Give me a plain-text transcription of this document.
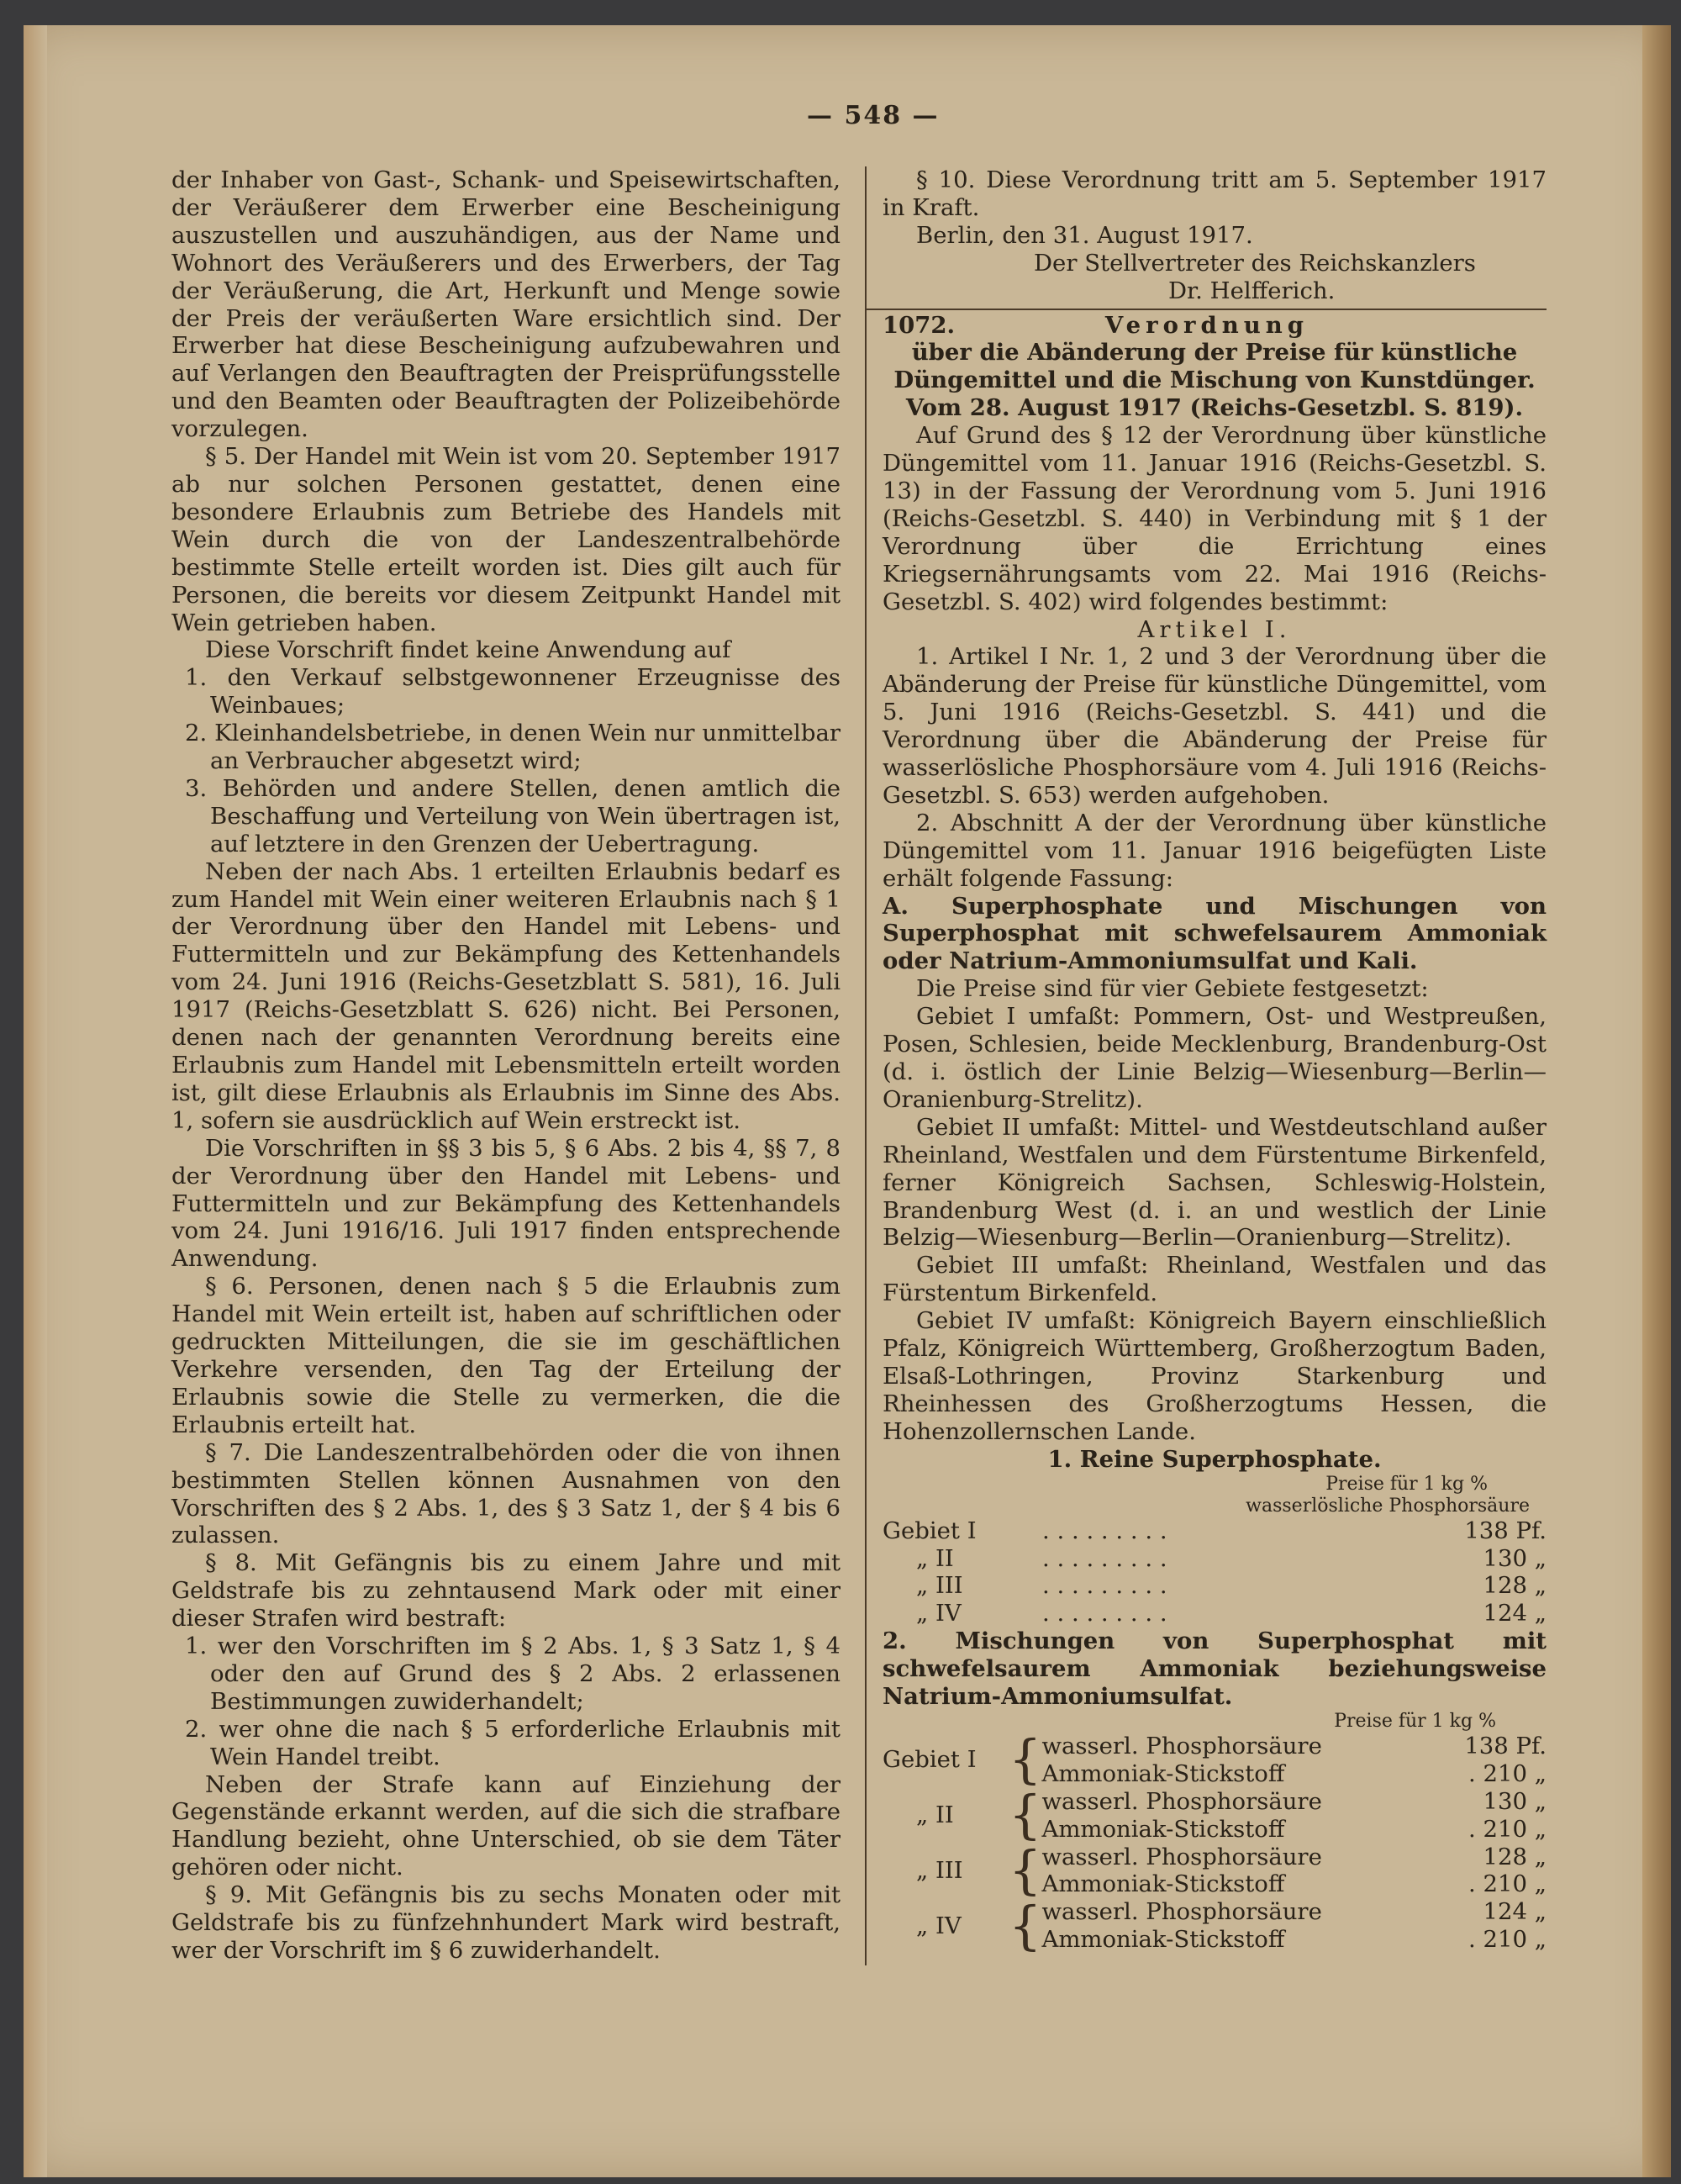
— 548 —

der Inhaber von Gast-, Schank- und Speisewirtschaften, der Veräußerer dem Erwerber eine Bescheinigung auszustellen und auszuhändigen, aus der Name und Wohnort des Veräußerers und des Erwerbers, der Tag der Veräußerung, die Art, Herkunft und Menge sowie der Preis der veräußerten Ware ersichtlich sind. Der Erwerber hat diese Bescheinigung aufzubewahren und auf Verlangen den Beauftragten der Preisprüfungsstelle und den Beamten oder Beauftragten der Polizeibehörde vorzulegen.

§ 5. Der Handel mit Wein ist vom 20. September 1917 ab nur solchen Personen gestattet, denen eine besondere Erlaubnis zum Betriebe des Handels mit Wein durch die von der Landeszentralbehörde bestimmte Stelle erteilt worden ist. Dies gilt auch für Personen, die bereits vor diesem Zeitpunkt Handel mit Wein getrieben haben.

Diese Vorschrift findet keine Anwendung auf

1. den Verkauf selbstgewonnener Erzeugnisse des Weinbaues;

2. Kleinhandelsbetriebe, in denen Wein nur unmittelbar an Verbraucher abgesetzt wird;

3. Behörden und andere Stellen, denen amtlich die Beschaffung und Verteilung von Wein übertragen ist, auf letztere in den Grenzen der Uebertragung.

Neben der nach Abs. 1 erteilten Erlaubnis bedarf es zum Handel mit Wein einer weiteren Erlaubnis nach § 1 der Verordnung über den Handel mit Lebens- und Futtermitteln und zur Bekämpfung des Kettenhandels vom 24. Juni 1916 (Reichs-Gesetzblatt S. 581), 16. Juli 1917 (Reichs-Gesetzblatt S. 626) nicht. Bei Personen, denen nach der genannten Verordnung bereits eine Erlaubnis zum Handel mit Lebensmitteln erteilt worden ist, gilt diese Erlaubnis als Erlaubnis im Sinne des Abs. 1, sofern sie ausdrücklich auf Wein erstreckt ist.

Die Vorschriften in §§ 3 bis 5, § 6 Abs. 2 bis 4, §§ 7, 8 der Verordnung über den Handel mit Lebens- und Futtermitteln und zur Bekämpfung des Kettenhandels vom 24. Juni 1916/16. Juli 1917 finden entsprechende Anwendung.

§ 6. Personen, denen nach § 5 die Erlaubnis zum Handel mit Wein erteilt ist, haben auf schriftlichen oder gedruckten Mitteilungen, die sie im geschäftlichen Verkehre versenden, den Tag der Erteilung der Erlaubnis sowie die Stelle zu vermerken, die die Erlaubnis erteilt hat.

§ 7. Die Landeszentralbehörden oder die von ihnen bestimmten Stellen können Ausnahmen von den Vorschriften des § 2 Abs. 1, des § 3 Satz 1, der § 4 bis 6 zulassen.

§ 8. Mit Gefängnis bis zu einem Jahre und mit Geldstrafe bis zu zehntausend Mark oder mit einer dieser Strafen wird bestraft:

1. wer den Vorschriften im § 2 Abs. 1, § 3 Satz 1, § 4 oder den auf Grund des § 2 Abs. 2 erlassenen Bestimmungen zuwiderhandelt;

2. wer ohne die nach § 5 erforderliche Erlaubnis mit Wein Handel treibt.

Neben der Strafe kann auf Einziehung der Gegenstände erkannt werden, auf die sich die strafbare Handlung bezieht, ohne Unterschied, ob sie dem Täter gehören oder nicht.

§ 9. Mit Gefängnis bis zu sechs Monaten oder mit Geldstrafe bis zu fünfzehnhundert Mark wird bestraft, wer der Vorschrift im § 6 zuwiderhandelt.

§ 10. Diese Verordnung tritt am 5. September 1917 in Kraft.

Berlin, den 31. August 1917.

Der Stellvertreter des Reichskanzlers

Dr. Helfferich.

1072.	Verordnung

über die Abänderung der Preise für künstliche Düngemittel und die Mischung von Kunstdünger. Vom 28. August 1917 (Reichs-Gesetzbl. S. 819).

Auf Grund des § 12 der Verordnung über künstliche Düngemittel vom 11. Januar 1916 (Reichs-Gesetzbl. S. 13) in der Fassung der Verordnung vom 5. Juni 1916 (Reichs-Gesetzbl. S. 440) in Verbindung mit § 1 der Verordnung über die Errichtung eines Kriegsernährungsamts vom 22. Mai 1916 (Reichs-Gesetzbl. S. 402) wird folgendes bestimmt:

Artikel I.

1. Artikel I Nr. 1, 2 und 3 der Verordnung über die Abänderung der Preise für künstliche Düngemittel, vom 5. Juni 1916 (Reichs-Gesetzbl. S. 441) und die Verordnung über die Abänderung der Preise für wasserlösliche Phosphorsäure vom 4. Juli 1916 (Reichs-Gesetzbl. S. 653) werden aufgehoben.

2. Abschnitt A der der Verordnung über künstliche Düngemittel vom 11. Januar 1916 beigefügten Liste erhält folgende Fassung:

A. Superphosphate und Mischungen von Superphosphat mit schwefelsaurem Ammoniak oder Natrium-Ammoniumsulfat und Kali.

Die Preise sind für vier Gebiete festgesetzt:

Gebiet I umfaßt: Pommern, Ost- und Westpreußen, Posen, Schlesien, beide Mecklenburg, Brandenburg-Ost (d. i. östlich der Linie Belzig—Wiesenburg—Berlin—Oranienburg-Strelitz).

Gebiet II umfaßt: Mittel- und Westdeutschland außer Rheinland, Westfalen und dem Fürstentume Birkenfeld, ferner Königreich Sachsen, Schleswig-Holstein, Brandenburg West (d. i. an und westlich der Linie Belzig—Wiesenburg—Berlin—Oranienburg—Strelitz).

Gebiet III umfaßt: Rheinland, Westfalen und das Fürstentum Birkenfeld.

Gebiet IV umfaßt: Königreich Bayern einschließlich Pfalz, Königreich Württemberg, Großherzogtum Baden, Elsaß-Lothringen, Provinz Starkenburg und Rheinhessen des Großherzogtums Hessen, die Hohenzollernschen Lande.

1. Reine Superphosphate.

Preise für 1 kg %

wasserlösliche Phosphorsäure

Gebiet I	. . . . . . . . .	138 Pf.
„ II	. . . . . . . . .	130 „
„ III	. . . . . . . . .	128 „
„ IV	. . . . . . . . .	124 „

2. Mischungen von Superphosphat mit schwefelsaurem Ammoniak beziehungsweise Natrium-Ammoniumsulfat.

Preise für 1 kg %

Gebiet I	{	wasserl. Phosphorsäure	138 Pf.
		Ammoniak-Stickstoff	. 210 „
„ II	{	wasserl. Phosphorsäure	130 „
		Ammoniak-Stickstoff	. 210 „
„ III	{	wasserl. Phosphorsäure	128 „
		Ammoniak-Stickstoff	. 210 „
„ IV	{	wasserl. Phosphorsäure	124 „
		Ammoniak-Stickstoff	. 210 „
